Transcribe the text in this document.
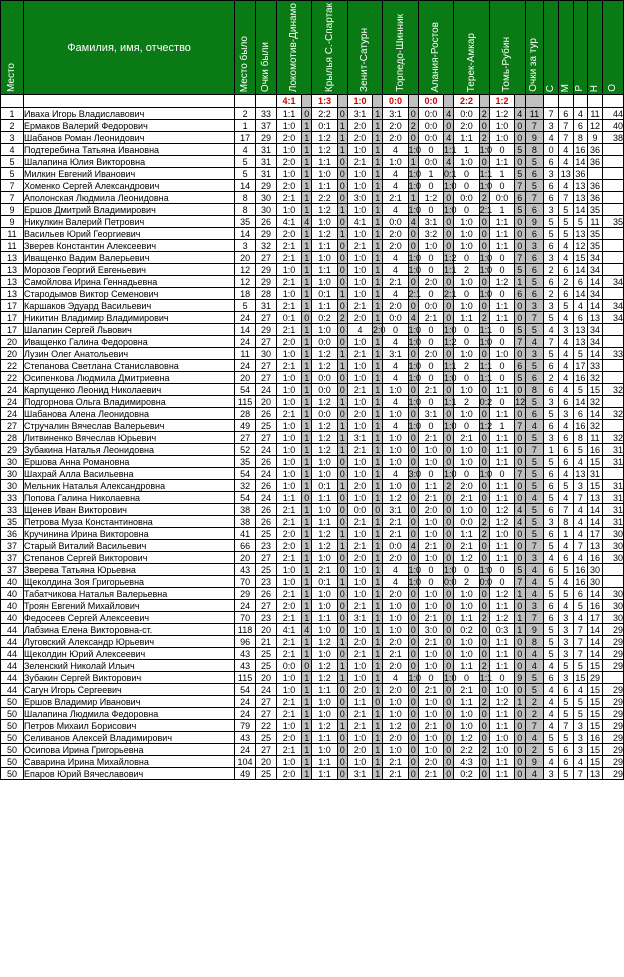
Место	Фамилия, имя, отчество	Место было	Очки были	Локомотив-Динамо		Крылья С.-Спартак		Зенит-Сатурн		Торпедо-Шинник		Алания-Ростов		Терек-Амкар		Томь-Рубин		Очки за тур	С	М	Р	Н	О

				4:1		1:3		1:0		0:0		0:0		2:2		1:2							
1	Иваха Игорь Владиславович	2	33	1:1	0	2:2	0	3:1	1	3:1	0	0:0	4	0:0	2	1:2	4	11	7	6	4	11	44
2	Ермаков Валерий Федорович	1	37	1:0	1	0:1	1	2:0	1	2:0	2	0:0	0	2:0	0	1:0	0	7	3	7	6	12	40
3	Шабанов Роман Леонидович	17	29	2:0	1	1:2	1	2:0	1	2:0	0	0:0	4	1:1	2	1:0	0	9	4	7	8	9	38
4	Подтеребина Татьяна Ивановна	4	31	1:0	1	1:2	1	1:0	1	4	1:0	0	1:1	1	1:0	0	5	8	0	4	16	36	
5	Шалапина Юлия Викторовна	5	31	2:0	1	1:1	0	2:1	1	1:0	1	0:0	4	1:0	0	1:1	0	5	6	4	14	36	
5	Милкин Евгений Иванович	5	31	1:0	1	1:0	0	1:0	1	4	1:0	1	0:1	0	1:1	1	5	6	3	13	36		
7	Хоменко Сергей Александрович	14	29	2:0	1	1:1	0	1:0	1	4	1:0	0	1:0	0	1:0	0	7	5	6	4	13	36	
7	Аполонская Людмила Леонидовна	8	30	2:1	1	2:2	0	3:0	1	2:1	1	1:2	0	0:0	2	0:0	6	7	6	7	13	36	
9	Ершов Дмитрий Владимирович	8	30	1:0	1	1:2	1	1:0	1	4	1:0	0	1:0	0	2:1	1	5	6	3	5	14	35	
9	Никулкин Валерий Петрович	35	26	4:1	4	1:0	0	4:1	1	0:0	4	3:1	0	1:0	0	1:1	0	9	5	5	5	11	35
11	Васильев Юрий Георгиевич	14	29	2:0	1	1:2	1	1:0	1	2:0	0	3:2	0	1:0	0	1:1	0	6	5	5	13	35	
11	Зверев Константин Алексеевич	3	32	2:1	1	1:1	0	2:1	1	2:0	0	1:0	0	1:0	0	1:1	0	3	6	4	12	35	
13	Иващенко Вадим Валерьевич	20	27	2:1	1	1:0	0	1:0	1	4	1:0	0	1:2	0	1:0	0	7	6	3	4	15	34	
13	Морозов Георгий Евгеньевич	12	29	1:0	1	1:1	0	1:0	1	4	1:0	0	1:1	2	1:0	0	5	6	2	6	14	34	
13	Самойлова Ирина Геннадьевна	12	29	2:1	1	1:0	0	1:0	1	2:1	0	2:0	0	1:0	0	1:2	1	5	6	2	6	14	34
13	Стародымов Виктор Семенович	18	28	1:0	1	0:1	1	1:0	1	4	2:1	0	2:1	0	1:0	0	6	6	2	6	14	34	
17	Каршаков Эдуард Васильевич	5	31	2:1	1	1:1	0	2:1	1	2:0	0	0:0	0	1:0	0	1:1	0	3	3	5	4	14	34
17	Никитин Владимир Владимирович	24	27	0:1	0	0:2	2	2:0	1	0:0	4	2:1	0	1:1	2	1:1	0	7	5	4	6	13	34
17	Шалапин Сергей Львович	14	29	2:1	1	1:0	0	4	2:0	0	1:0	0	1:0	0	1:1	0	5	5	4	3	13	34	
20	Иващенко Галина Федоровна	24	27	2:0	1	0:0	0	1:0	1	4	1:0	0	1:2	0	1:0	0	7	4	7	4	13	34	
20	Лузин Олег Анатольевич	11	30	1:0	1	1:2	1	2:1	1	3:1	0	2:0	0	1:0	0	1:0	0	3	5	4	5	14	33
22	Степанова Светлана Станиславовна	24	27	2:1	1	1:2	1	1:0	1	4	1:0	0	1:1	2	1:1	0	6	5	6	4	17	33	
22	Осипенкова Людмила Дмитриевна	20	27	1:0	1	0:0	0	1:0	1	4	1:0	0	1:0	0	1:1	0	5	6	2	4	16	32	
24	Карпущенко Леонид Николаевич	54	24	1:0	1	0:0	0	2:1	1	1:0	0	2:1	0	1:0	0	1:1	0	8	6	4	5	15	32
24	Подгорнова Ольга Владимировна	115	20	1:0	1	1:2	1	1:0	1	4	1:0	0	1:1	2	0:2	0	12	5	3	6	14	32	
24	Шабанова Алена Леонидовна	28	26	2:1	1	0:0	0	2:0	1	1:0	0	3:1	0	1:0	0	1:1	0	6	5	3	6	14	32
27	Стручалин Вячеслав Валерьевич	49	25	1:0	1	1:2	1	1:0	1	4	1:0	0	1:0	0	1:2	1	7	4	6	4	16	32	
28	Литвиненко Вячеслав Юрьевич	27	27	1:0	1	1:2	1	3:1	1	1:0	0	2:1	0	2:1	0	1:1	0	5	3	6	8	11	32
29	Зубакина Наталья Леонидовна	52	24	1:0	1	1:2	1	2:1	1	1:0	0	1:0	0	1:0	0	1:1	0	7	1	6	5	16	31
30	Ершова Анна Романовна	35	26	1:0	1	1:0	0	1:0	1	1:0	0	1:0	0	1:0	0	1:1	0	5	5	6	4	15	31
30	Шахрай Алла Васильевна	54	24	1:0	1	1:0	0	1:0	1	4	3:0	0	1:0	0	1:0	0	7	5	6	4	13	31	
30	Мельник Наталья Александровна	32	26	1:0	1	0:1	1	2:0	1	1:0	0	1:1	2	2:0	0	1:1	0	5	6	5	3	15	31
33	Попова Галина Николаевна	54	24	1:1	0	1:1	0	1:0	1	1:2	0	2:1	0	2:1	0	1:1	0	4	5	4	7	13	31
33	Щенев Иван Викторович	38	26	2:1	1	1:0	0	0:0	0	3:1	0	2:0	0	1:0	0	1:2	4	5	6	7	4	14	31
35	Петрова Муза Константиновна	38	26	2:1	1	1:1	0	2:1	1	2:1	0	1:0	0	0:0	2	1:2	4	5	3	8	4	14	31
36	Кручинина Ирина Викторовна	41	25	2:0	1	1:2	1	1:0	1	2:1	0	1:0	0	1:1	2	1:0	0	5	6	1	4	17	30
37	Старый Виталий Васильевич	66	23	2:0	1	1:2	1	2:1	1	0:0	4	2:1	0	2:1	0	1:1	0	7	5	4	7	13	30
37	Степанов Сергей Викторович	20	27	2:1	1	1:0	0	2:0	1	2:0	0	1:0	0	1:2	0	1:1	0	3	4	6	4	16	30
37	Зверева Татьяна Юрьевна	43	25	1:0	1	2:1	0	1:0	1	4	1:0	0	1:0	0	1:0	0	5	4	6	5	16	30	
40	Щеколдина Зоя Григорьевна	70	23	1:0	1	0:1	1	1:0	1	4	1:0	0	0:0	2	0:0	0	7	4	5	4	16	30	
40	Табатчикова Наталья Валерьевна	29	26	2:1	1	1:0	0	1:0	1	2:0	0	1:0	0	1:0	0	1:2	1	4	5	5	6	14	30
40	Троян Евгений Михайлович	24	27	2:0	1	1:0	0	2:1	1	1:0	0	1:0	0	1:0	0	1:1	0	3	6	4	5	16	30
40	Федосеев Сергей Алексеевич	70	23	2:1	1	1:1	0	3:1	1	1:0	0	2:1	0	1:1	2	1:2	1	7	6	3	4	17	30
44	Лабзина Елена Викторовна-ст.	118	20	4:1	4	1:0	0	1:0	1	1:0	0	3:0	0	0:2	0	0:3	1	9	5	3	7	14	29
44	Луговский Александр Юрьевич	96	21	2:1	1	1:2	1	2:0	1	2:0	0	2:1	0	1:0	0	1:1	0	8	5	3	7	14	29
44	Щеколдин Юрий Алексеевич	43	25	2:1	1	1:0	0	2:1	1	2:1	0	1:0	0	1:0	0	1:1	0	4	5	3	7	14	29
44	Зеленский Николай Ильич	43	25	0:0	0	1:2	1	1:0	1	2:0	0	1:0	0	1:1	2	1:1	0	4	4	5	5	15	29
44	Зубакин Сергей Викторович	115	20	1:0	1	1:2	1	1:0	1	4	1:0	0	1:0	0	1:1	0	9	5	6	3	15	29	
44	Сагун Игорь Сергеевич	54	24	1:0	1	1:1	0	2:0	1	2:0	0	2:1	0	2:1	0	1:0	0	5	4	6	4	15	29
50	Ершов Владимир Иванович	24	27	2:1	1	1:0	0	1:1	0	1:0	0	1:0	0	1:1	2	1:2	1	2	4	5	5	15	29
50	Шалапина Людмила Федоровна	24	27	2:1	1	1:0	0	2:1	1	1:0	0	1:0	0	1:0	0	1:1	0	2	4	5	5	15	29
50	Петров Михаил Борисович	79	22	1:0	1	1:2	1	2:1	1	1:2	0	2:1	0	1:0	0	1:1	0	7	4	7	3	15	29
50	Селиванов Алексей Владимирович	43	25	2:0	1	1:1	0	1:0	1	2:0	0	1:0	0	1:2	0	1:0	0	4	5	5	3	16	29
50	Осипова Ирина Григорьевна	24	27	2:1	1	1:0	0	2:0	1	1:0	0	1:0	0	2:2	2	1:0	0	2	5	6	3	15	29
50	Саварина Ирина Михайловна	104	20	1:0	1	1:1	0	1:0	1	2:1	0	2:0	0	4:3	0	1:1	0	9	4	6	4	15	29
50	Епаров Юрий Вячеславович	49	25	2:0	1	1:1	0	3:1	1	2:1	0	2:1	0	0:2	0	1:1	0	4	3	5	7	13	29
